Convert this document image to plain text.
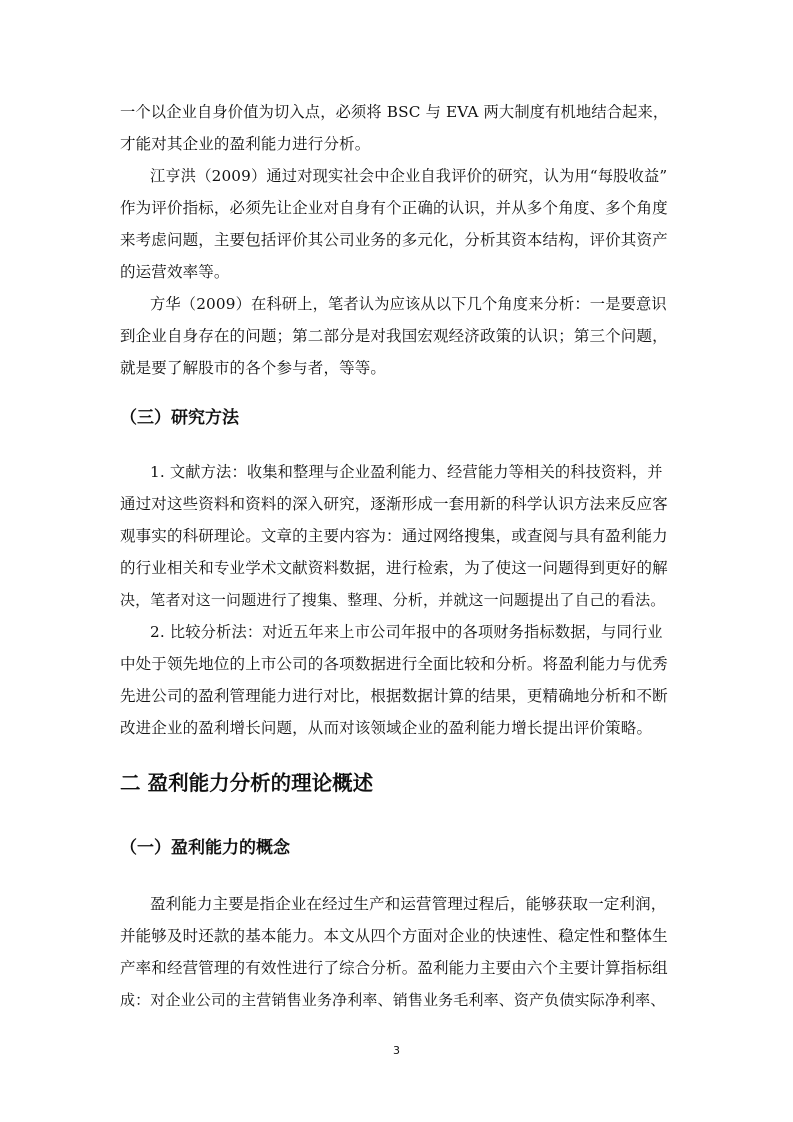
一个以企业自身价值为切入点，必须将 BSC 与 EVA 两大制度有机地结合起来，
才能对其企业的盈利能力进行分析。
江亨洪（2009）通过对现实社会中企业自我评价的研究，认为用“每股收益”
作为评价指标，必须先让企业对自身有个正确的认识，并从多个角度、多个角度
来考虑问题，主要包括评价其公司业务的多元化，分析其资本结构，评价其资产
的运营效率等。
方华（2009）在科研上，笔者认为应该从以下几个角度来分析：一是要意识
到企业自身存在的问题；第二部分是对我国宏观经济政策的认识；第三个问题，
就是要了解股市的各个参与者，等等。
（三）研究方法
1. 文献方法：收集和整理与企业盈利能力、经营能力等相关的科技资料，并
通过对这些资料和资料的深入研究，逐渐形成一套用新的科学认识方法来反应客
观事实的科研理论。文章的主要内容为：通过网络搜集，或查阅与具有盈利能力
的行业相关和专业学术文献资料数据，进行检索，为了使这一问题得到更好的解
决，笔者对这一问题进行了搜集、整理、分析，并就这一问题提出了自己的看法。
2. 比较分析法：对近五年来上市公司年报中的各项财务指标数据，与同行业
中处于领先地位的上市公司的各项数据进行全面比较和分析。将盈利能力与优秀
先进公司的盈利管理能力进行对比，根据数据计算的结果，更精确地分析和不断
改进企业的盈利增长问题，从而对该领域企业的盈利能力增长提出评价策略。
二 盈利能力分析的理论概述
（一）盈利能力的概念
盈利能力主要是指企业在经过生产和运营管理过程后，能够获取一定利润，
并能够及时还款的基本能力。本文从四个方面对企业的快速性、稳定性和整体生
产率和经营管理的有效性进行了综合分析。盈利能力主要由六个主要计算指标组
成：对企业公司的主营销售业务净利率、销售业务毛利率、资产负债实际净利率、
3
